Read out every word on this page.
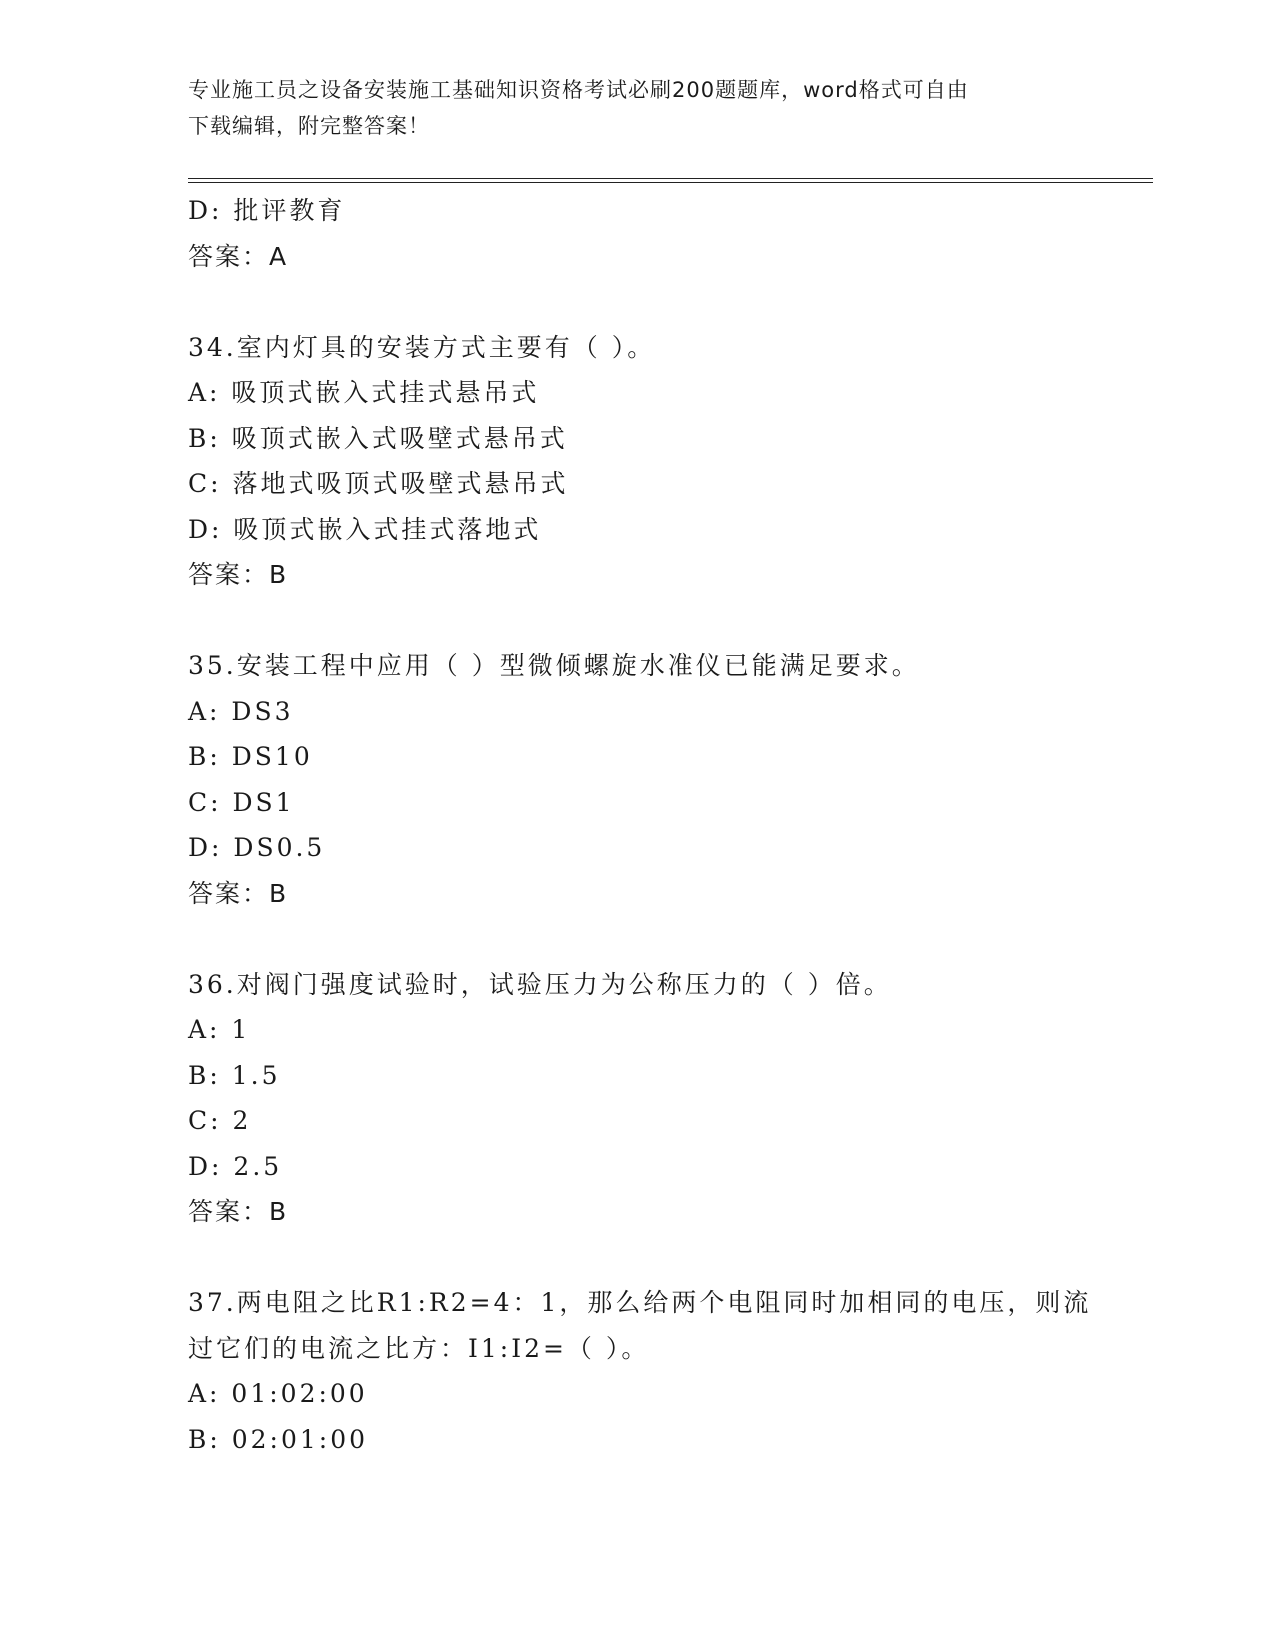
专业施工员之设备安装施工基础知识资格考试必刷200题题库，word格式可自由
下载编辑，附完整答案！
D: 批评教育
答案：A
34.室内灯具的安装方式主要有（ ）。
A: 吸顶式嵌入式挂式悬吊式
B: 吸顶式嵌入式吸壁式悬吊式
C: 落地式吸顶式吸壁式悬吊式
D: 吸顶式嵌入式挂式落地式
答案：B
35.安装工程中应用（ ）型微倾螺旋水准仪已能满足要求。
A: DS3
B: DS10
C: DS1
D: DS0.5
答案：B
36.对阀门强度试验时，试验压力为公称压力的（ ）倍。
A: 1
B: 1.5
C: 2
D: 2.5
答案：B
37.两电阻之比R1:R2=4：1，那么给两个电阻同时加相同的电压，则流
过它们的电流之比方：I1:I2=（ ）。
A: 01:02:00
B: 02:01:00
